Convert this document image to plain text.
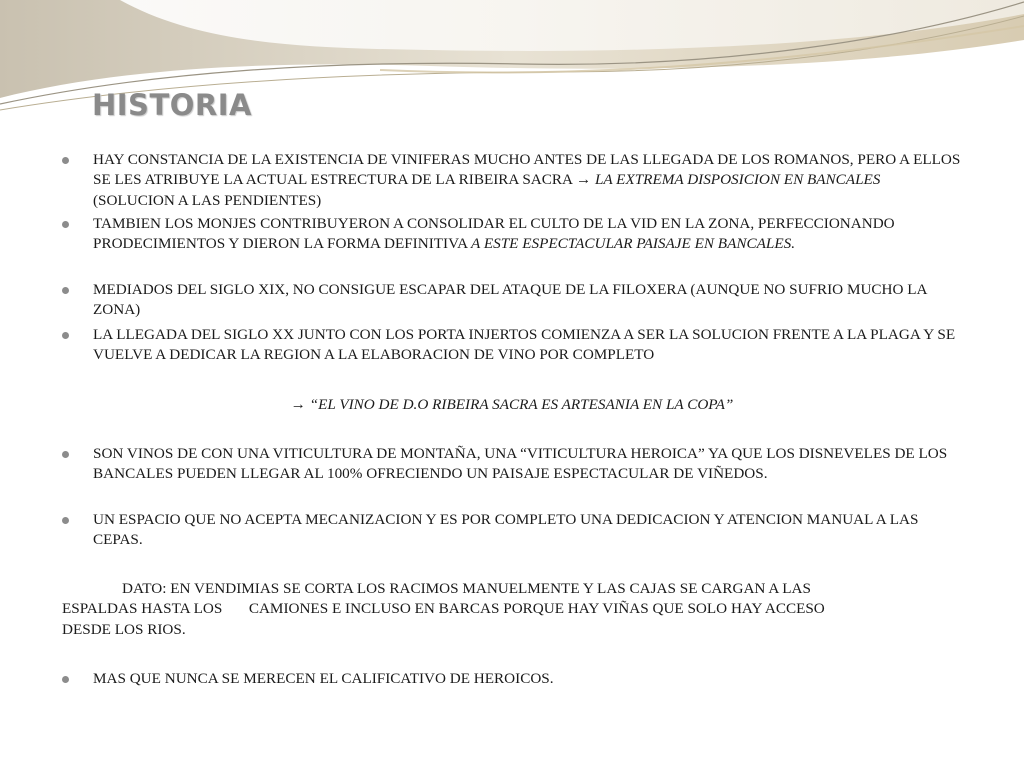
HISTORIA
HAY CONSTANCIA DE LA EXISTENCIA DE VINIFERAS MUCHO ANTES DE LAS LLEGADA DE LOS ROMANOS, PERO A ELLOS SE LES ATRIBUYE LA ACTUAL ESTRECTURA DE LA RIBEIRA SACRA → LA EXTREMA DISPOSICION EN BANCALES (SOLUCION A LAS PENDIENTES)
TAMBIEN LOS MONJES CONTRIBUYERON A CONSOLIDAR EL CULTO DE LA VID EN LA ZONA, PERFECCIONANDO PRODECIMIENTOS Y DIERON LA FORMA DEFINITIVA A ESTE ESPECTACULAR PAISAJE EN BANCALES.
MEDIADOS DEL SIGLO XIX, NO CONSIGUE ESCAPAR DEL ATAQUE DE LA FILOXERA (AUNQUE NO SUFRIO MUCHO LA ZONA)
LA LLEGADA DEL SIGLO XX JUNTO CON LOS PORTA INJERTOS COMIENZA A SER LA SOLUCION FRENTE A LA PLAGA Y SE VUELVE A DEDICAR LA REGION A LA ELABORACION DE VINO POR COMPLETO
→ “EL VINO DE D.O RIBEIRA SACRA ES ARTESANIA EN LA COPA”
SON VINOS DE CON UNA VITICULTURA DE MONTAÑA, UNA “VITICULTURA HEROICA” YA QUE LOS DISNEVELES DE LOS BANCALES PUEDEN LLEGAR AL 100% OFRECIENDO UN PAISAJE ESPECTACULAR DE VIÑEDOS.
UN ESPACIO QUE NO ACEPTA MECANIZACION Y ES POR COMPLETO UNA DEDICACION Y ATENCION MANUAL A LAS CEPAS.
DATO: EN VENDIMIAS SE CORTA LOS RACIMOS MANUELMENTE Y LAS CAJAS SE CARGAN A LAS
ESPALDAS HASTA LOS       CAMIONES E INCLUSO EN BARCAS PORQUE HAY VIÑAS QUE SOLO HAY ACCESO
DESDE LOS RIOS.
MAS QUE NUNCA SE MERECEN EL CALIFICATIVO DE HEROICOS.
